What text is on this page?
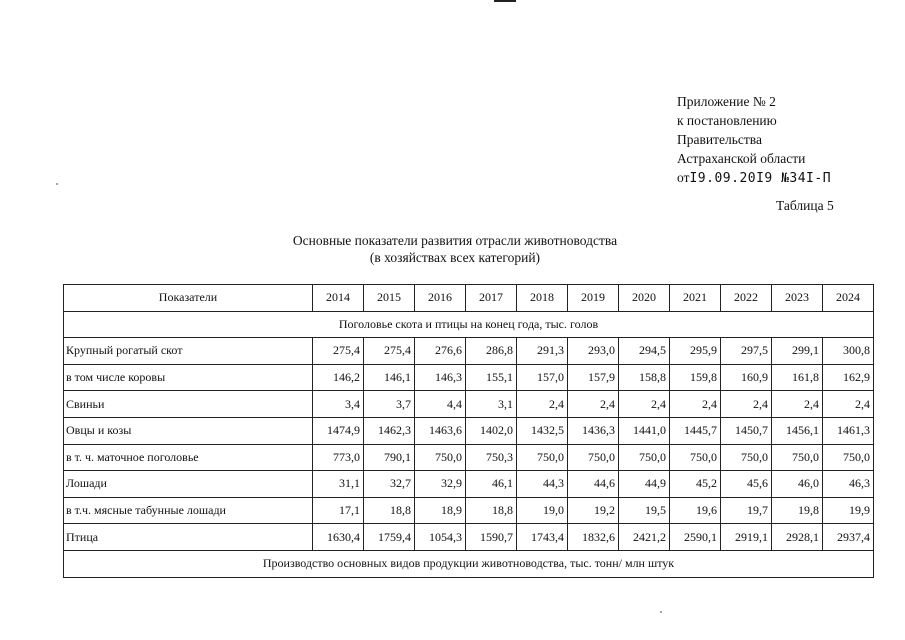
Приложение № 2
к постановлению
Правительства
Астраханской области
отI9.09.20I9 №34I-П
Таблица 5
Основные показатели развития отрасли животноводства
(в хозяйствах всех категорий)
Показатели	2014	2015	2016	2017	2018	2019	2020	2021	2022	2023	2024
Поголовье скота и птицы на конец года, тыс. голов											
Крупный рогатый скот	275,4	275,4	276,6	286,8	291,3	293,0	294,5	295,9	297,5	299,1	300,8
в том числе коровы	146,2	146,1	146,3	155,1	157,0	157,9	158,8	159,8	160,9	161,8	162,9
Свиньи	3,4	3,7	4,4	3,1	2,4	2,4	2,4	2,4	2,4	2,4	2,4
Овцы и козы	1474,9	1462,3	1463,6	1402,0	1432,5	1436,3	1441,0	1445,7	1450,7	1456,1	1461,3
в т. ч. маточное поголовье	773,0	790,1	750,0	750,3	750,0	750,0	750,0	750,0	750,0	750,0	750,0
Лошади	31,1	32,7	32,9	46,1	44,3	44,6	44,9	45,2	45,6	46,0	46,3
в т.ч. мясные табунные лошади	17,1	18,8	18,9	18,8	19,0	19,2	19,5	19,6	19,7	19,8	19,9
Птица	1630,4	1759,4	1054,3	1590,7	1743,4	1832,6	2421,2	2590,1	2919,1	2928,1	2937,4
Производство основных видов продукции животноводства, тыс. тонн/ млн штук											
